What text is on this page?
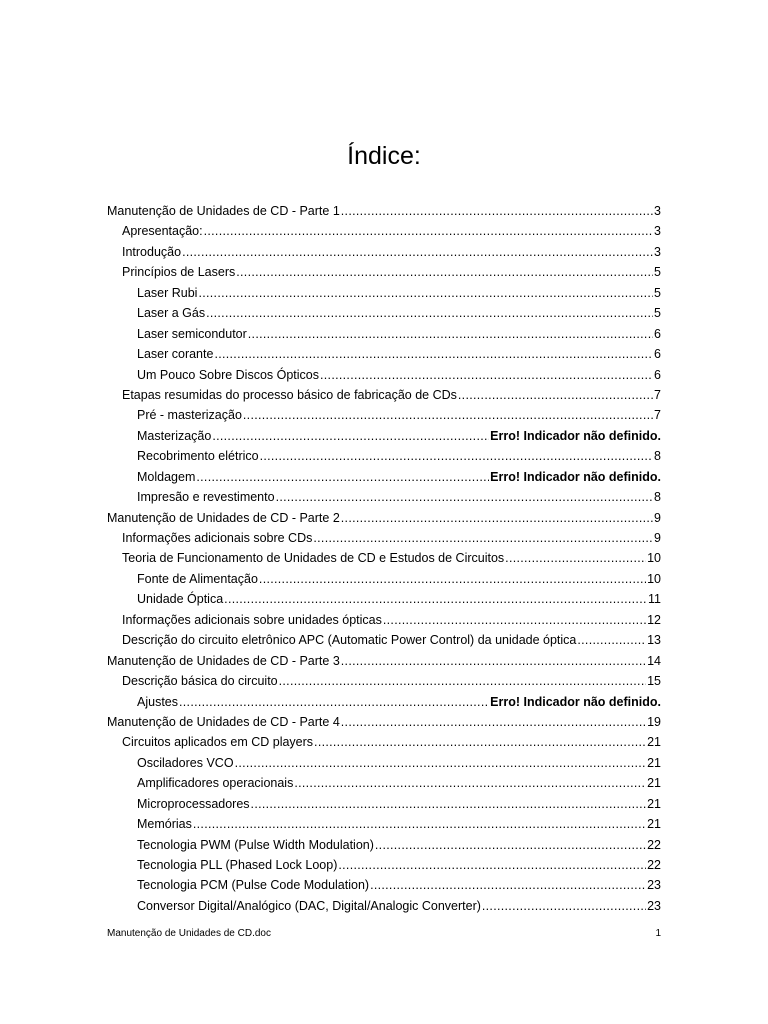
Índice:
Manutenção de Unidades de CD - Parte 1 .....	3
Apresentação: .....	3
Introdução .....	3
Princípios de Lasers .....	5
Laser Rubi .....	5
Laser a Gás .....	5
Laser semicondutor .....	6
Laser corante .....	6
Um Pouco Sobre Discos Ópticos .....	6
Etapas resumidas do processo básico de fabricação de CDs .....	7
Pré - masterização .....	7
Masterização .....	Erro! Indicador não definido.
Recobrimento elétrico .....	8
Moldagem .....	Erro! Indicador não definido.
Impresão e revestimento .....	8
Manutenção de Unidades de CD - Parte 2 .....	9
Informações adicionais sobre CDs .....	9
Teoria de Funcionamento de Unidades de CD e Estudos de Circuitos .....	10
Fonte de Alimentação .....	10
Unidade Óptica .....	11
Informações adicionais sobre unidades ópticas .....	12
Descrição do circuito eletrônico APC (Automatic Power Control) da unidade óptica .....	13
Manutenção de Unidades de CD - Parte 3 .....	14
Descrição básica do circuito .....	15
Ajustes .....	Erro! Indicador não definido.
Manutenção de Unidades de CD - Parte 4 .....	19
Circuitos aplicados em CD players .....	21
Osciladores VCO .....	21
Amplificadores operacionais .....	21
Microprocessadores .....	21
Memórias .....	21
Tecnologia PWM (Pulse Width Modulation) .....	22
Tecnologia PLL (Phased Lock Loop) .....	22
Tecnologia PCM (Pulse Code Modulation) .....	23
Conversor Digital/Analógico (DAC, Digital/Analogic Converter) .....	23
Manutenção de Unidades de CD.doc	1
